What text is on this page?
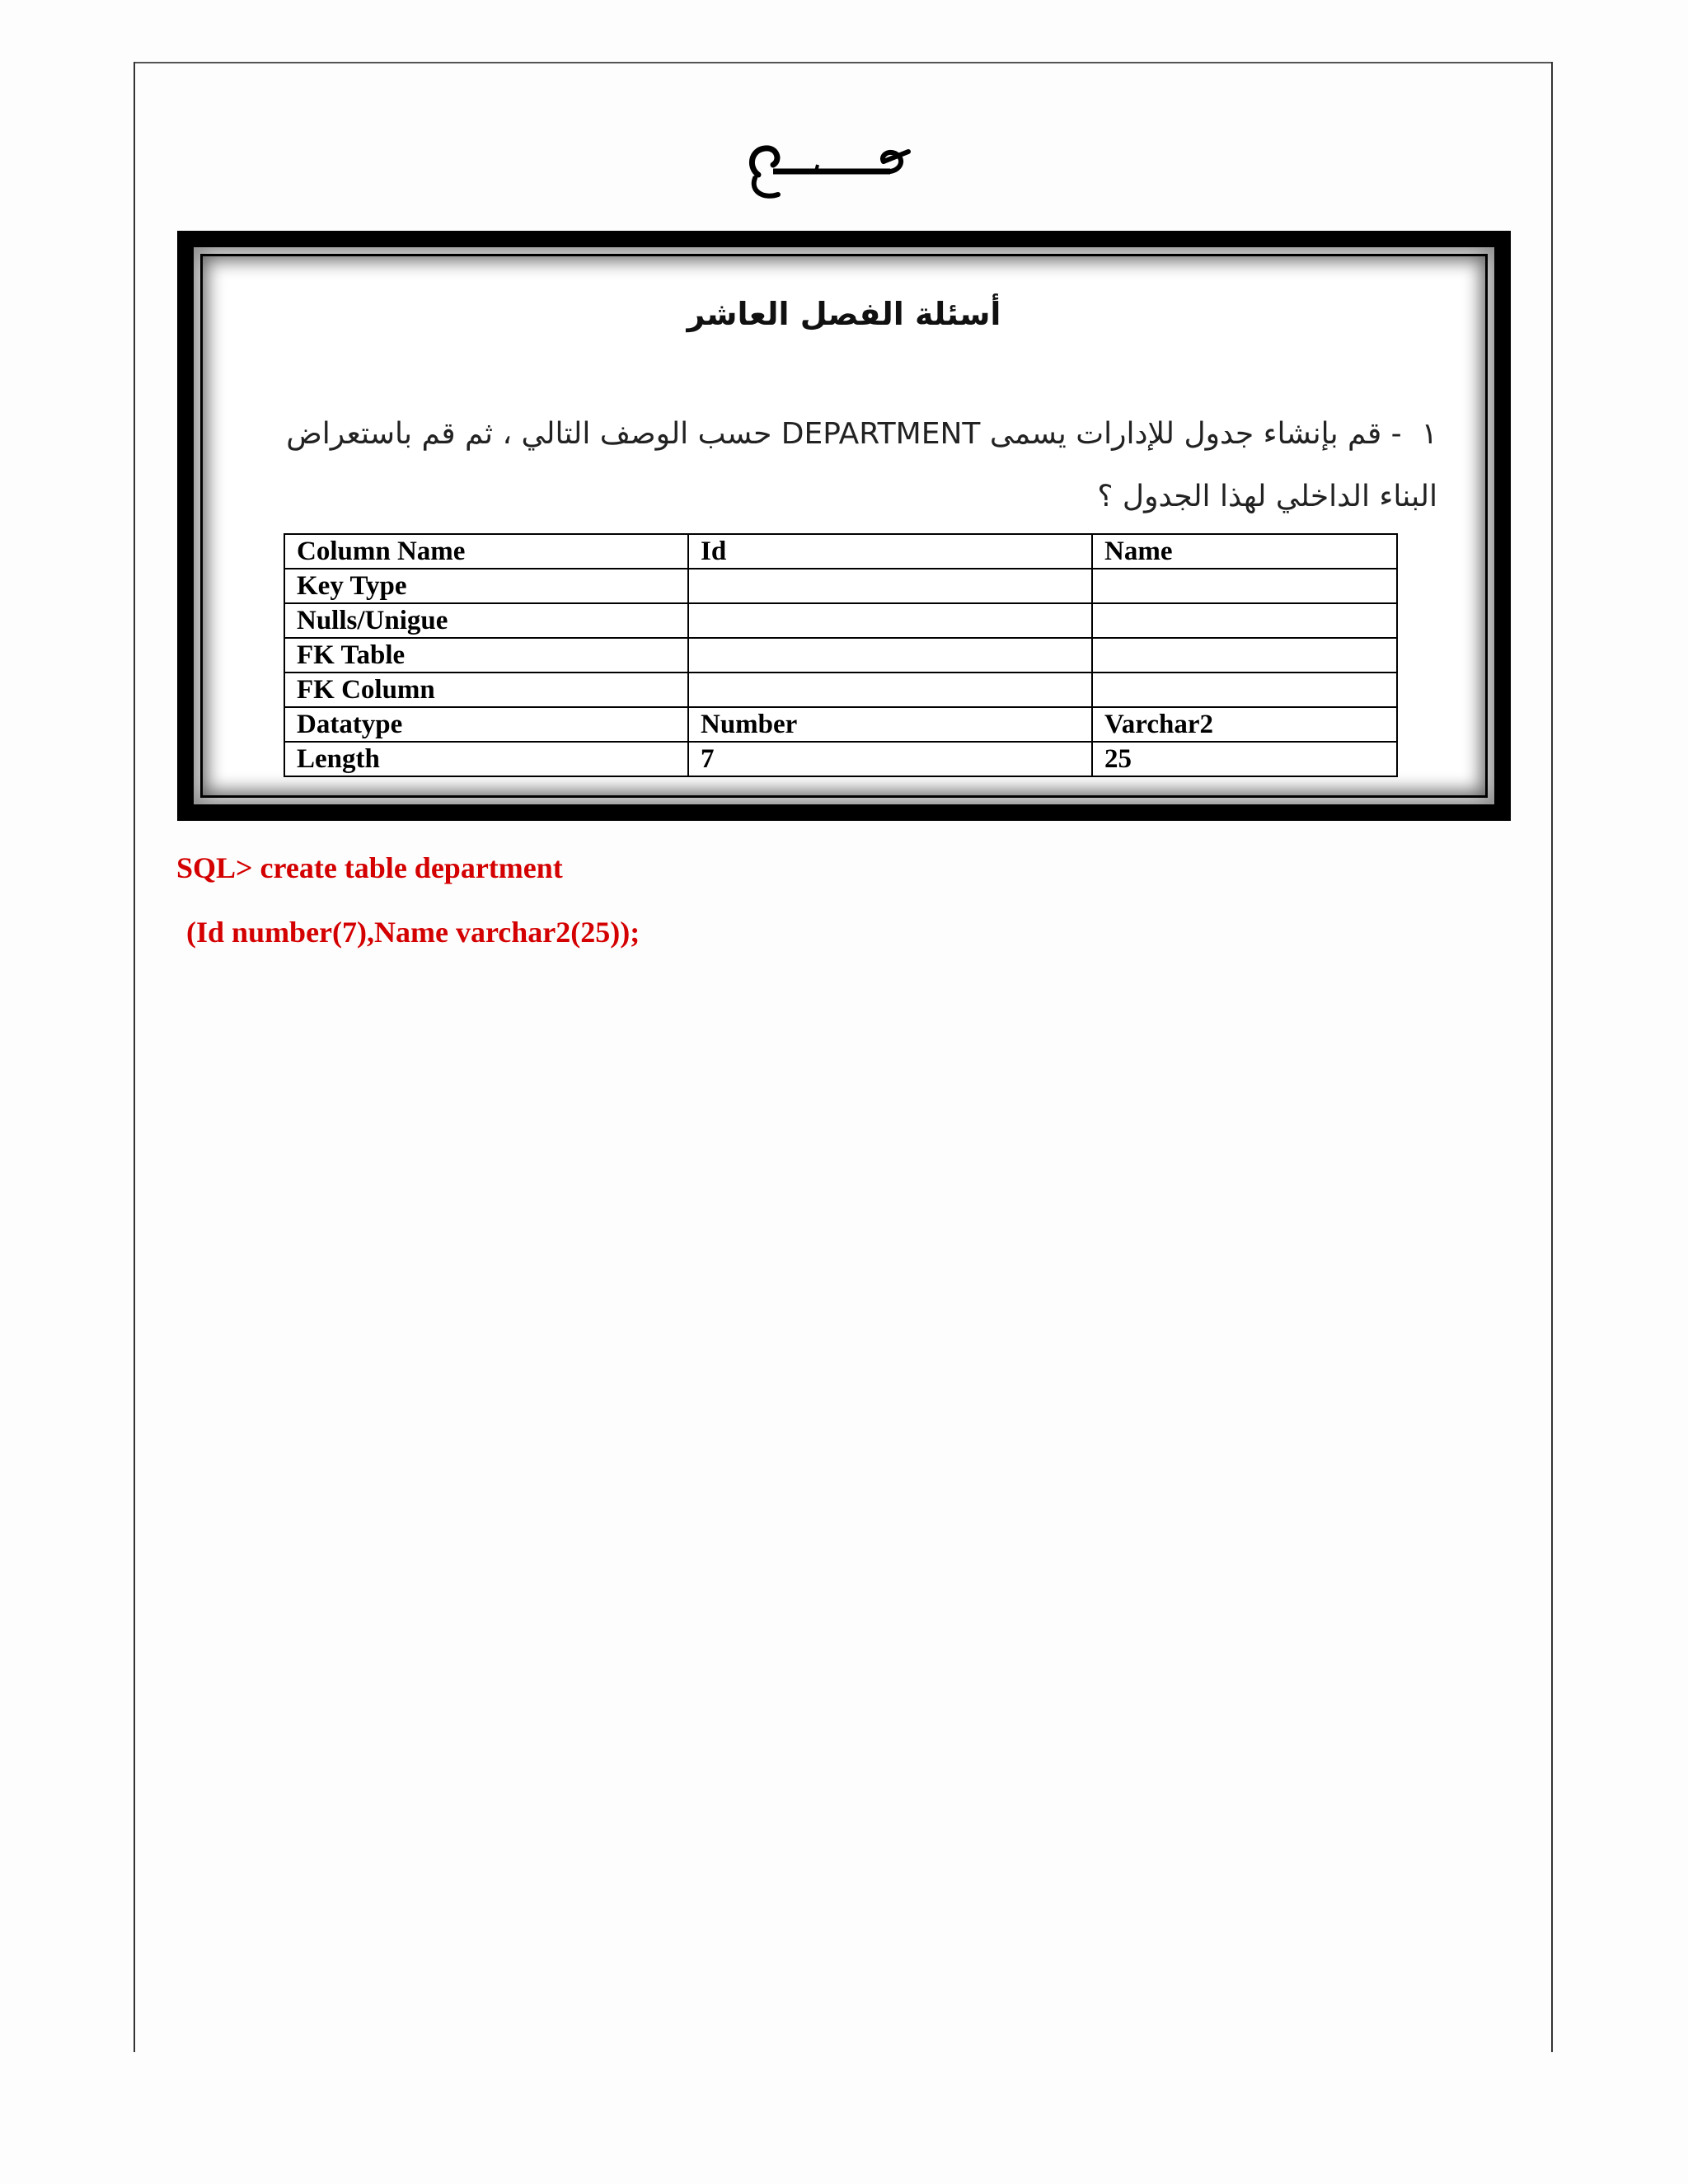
أسئلة الفصل العاشر
١- قم بإنشاء جدول للإدارات يسمى DEPARTMENT حسب الوصف التالي ، ثم قم باستعراض البناء الداخلي لهذا الجدول ؟
Column Name	Id	Name
Key Type		
Nulls/Unigue		
FK Table		
FK Column		
Datatype	Number	Varchar2
Length	7	25
SQL> create table department
(Id number(7),Name varchar2(25));
